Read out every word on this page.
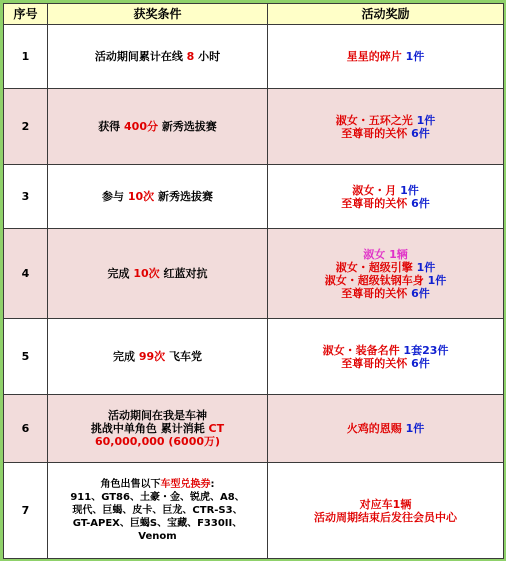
序号	获奖条件	活动奖励
1	活动期间累计在线 8 小时	星星的碎片 1件

2	获得 400分 新秀选拔赛	淑女・五环之光 1件
至尊哥的关怀 6件

3	参与 10次 新秀选拔赛	淑女・月 1件
至尊哥的关怀 6件

4	完成 10次 红蓝对抗	淑女 1辆
淑女・超级引擎 1件
淑女・超级钛钢车身 1件
至尊哥的关怀 6件

5	完成 99次 飞车党	淑女・装备名件 1套23件
至尊哥的关怀 6件

6	活动期间在我是车神
挑战中单角色 累计消耗 CT
60,000,000 (6000万)	火鸡的恩赐 1件

7	角色出售以下车型兑换券:
911、GT86、土豪・金、锐虎、A8、
现代、巨蝎、皮卡、巨龙、CTR-S3、
GT-APEX、巨蝎S、宝藏、F330II、
Venom	对应车1辆
活动周期结束后发往会员中心
